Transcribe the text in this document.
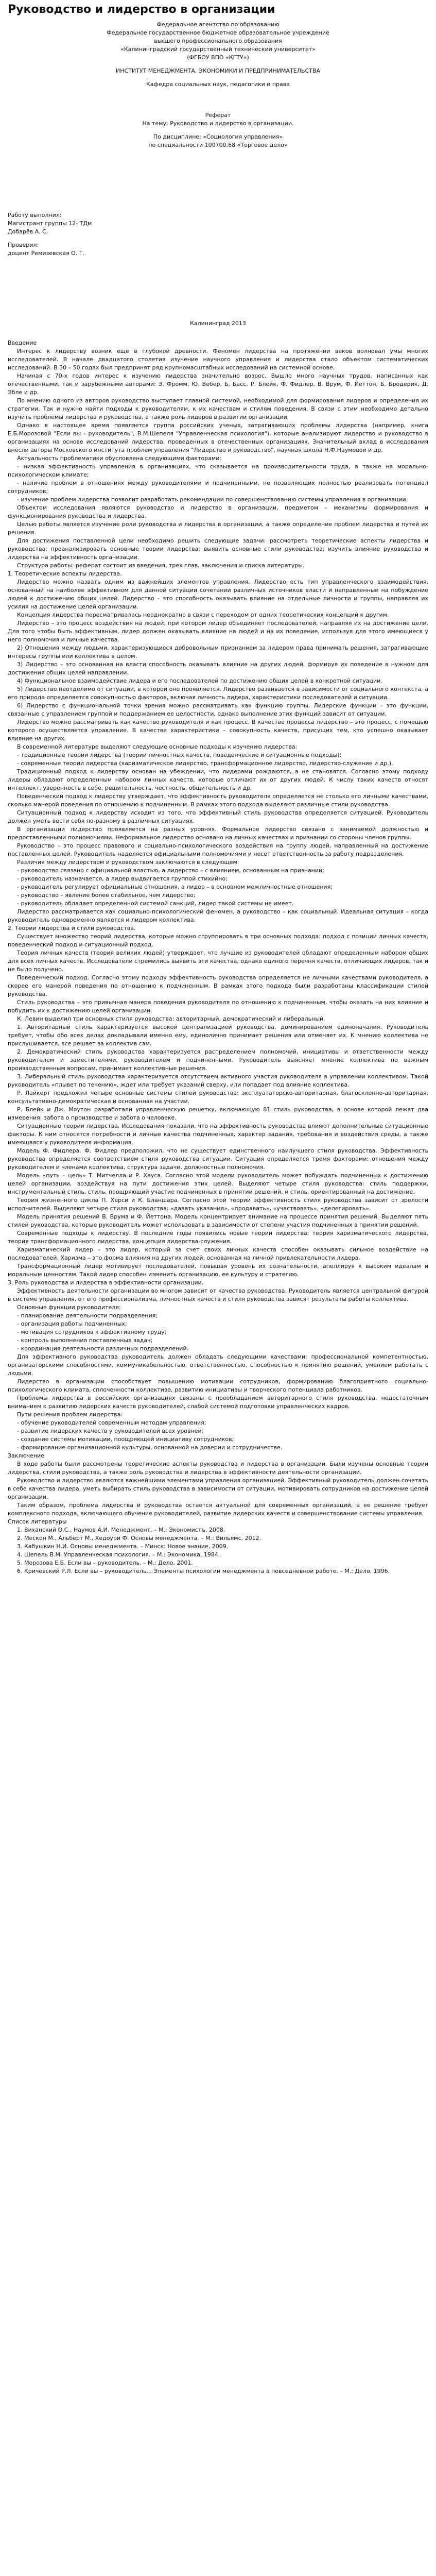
Руководство и лидерство в организации
Федеральное агентство по образованию
Федеральное государственное бюджетное образовательное учреждение
высшего профессионального образования
«Калининградский государственный технический университет»
(ФГБОУ ВПО «КГТУ»)
ИНСТИТУТ МЕНЕДЖМЕНТА, ЭКОНОМИКИ И ПРЕДПРИНИМАТЕЛЬСТВА
Кафедра социальных наук, педагогики и права
Реферат
На тему: Руководство и лидерство в организации.
По дисциплине: «Социология управления»
по специальности 100700.68 «Торговое дело»
Работу выполнил:
Магистрант группы 12- ТДм
Добарёв А. С.
Проверил:
доцент Ремизевская О. Г.
Калининград 2013

Введение

Интерес к лидерству возник еще в глубокой древности. Феномен лидерства на протяжении веков волновал умы многих исследователей. В начале двадцатого столетия изучение научного управления и лидерства стало объектом систематических исследований. В 30 – 50 годах был предпринят ряд крупномасштабных исследований на системной основе.

Начиная с 70-х годов интерес к изучению лидерства значительно возрос. Вышло много научных трудов, написанных как отечественными, так и зарубежными авторами: Э. Фромм, Ю. Вебер, Б. Басс, Р. Блейк, Ф. Фидлер, В. Врум, Ф. Йеттон, Б. Бродерик, Д. Эбле и др.

По мнению одного из авторов руководство выступает главной системой, необходимой для формирования лидеров и определения их стратегии. Так и нужно найти подходы к руководителям, к их качествам и стилям поведения. В связи с этим необходимо детально изучить проблемы лидерства и руководства, а также роль лидеров в развитии организации.

Однако в настоящее время появляется группа российских ученых, затрагивающих проблемы лидерства (например, книга Е.Б.Морозовой "Если вы - руководитель", В.М.Шепеля "Управленческая психология"), которые анализируют лидерство и руководство в организациях на основе исследований лидерства, проведенных в отечественных организациях. Значительный вклад в исследования внесли авторы Московского института проблем управления "Лидерство и руководство", научная школа Н.Ф.Наумовой и др.

Актуальность проблематики обусловлена следующими факторами:

- низкая эффективность управления в организациях, что сказывается на производительности труда, а также на морально-психологическом климате;

- наличие проблем в отношениях между руководителями и подчиненными, не позволяющих полностью реализовать потенциал сотрудников;

- изучение проблем лидерства позволит разработать рекомендации по совершенствованию системы управления в организации.

Объектом исследования являются руководство и лидерство в организации, предметом – механизмы формирования и функционирования руководства и лидерства.

Целью работы является изучение роли руководства и лидерства в организации, а также определение проблем лидерства и путей их решения.

Для достижения поставленной цели необходимо решить следующие задачи: рассмотреть теоретические аспекты лидерства и руководства; проанализировать основные теории лидерства; выявить основные стили руководства; изучить влияние руководства и лидерства на эффективность организации.

Структура работы: реферат состоит из введения, трех глав, заключения и списка литературы.

1. Теоретические аспекты лидерства.

Лидерство можно назвать одним из важнейших элементов управления. Лидерство есть тип управленческого взаимодействия, основанный на наиболее эффективном для данной ситуации сочетании различных источников власти и направленный на побуждение людей к достижению общих целей. Лидерство – это способность оказывать влияние на отдельные личности и группы, направляя их усилия на достижение целей организации.

Концепция лидерства пересматривалась неоднократно в связи с переходом от одних теоретических концепций к другим.

Лидерство – это процесс воздействия на людей, при котором лидер объединяет последователей, направляя их на достижение цели. Для того чтобы быть эффективным, лидер должен оказывать влияние на людей и на их поведение, используя для этого имеющиеся у него полномочия и личные качества.

2) Отношения между людьми, характеризующиеся добровольным признанием за лидером права принимать решения, затрагивающие интересы группы или коллектива в целом.

3) Лидерство – это основанная на власти способность оказывать влияние на других людей, формируя их поведение в нужном для достижения общих целей направлении.

4) Функциональное взаимодействие лидера и его последователей по достижению общих целей в конкретной ситуации.

5) Лидерство неотделимо от ситуации, в которой оно проявляется. Лидерство развивается в зависимости от социального контекста, а его природа определяется совокупностью факторов, включая личность лидера, характеристики последователей и ситуации.

6) Лидерство с функциональной точки зрения можно рассматривать как функцию группы. Лидерские функции – это функции, связанные с управлением группой и поддержанием ее целостности, однако выполнение этих функций зависит от ситуации.

Лидерство можно рассматривать как качество руководителя и как процесс. В качестве процесса лидерство – это процесс, с помощью которого осуществляется управление. В качестве характеристики – совокупность качеств, присущих тем, кто успешно оказывает влияние на других.

В современной литературе выделяют следующие основные подходы к изучению лидерства:

- традиционные теории лидерства (теории личностных качеств, поведенческие и ситуационные подходы);

- современные теории лидерства (харизматическое лидерство, трансформационное лидерство, лидерство-служение и др.).

Традиционный подход к лидерству основан на убеждении, что лидерами рождаются, а не становятся. Согласно этому подходу лидеры обладают определенным набором личных качеств, которые отличают их от других людей. К числу таких качеств относят интеллект, уверенность в себе, решительность, честность, общительность и др.

Поведенческий подход к лидерству утверждает, что эффективность руководителя определяется не столько его личными качествами, сколько манерой поведения по отношению к подчиненным. В рамках этого подхода выделяют различные стили руководства.

Ситуационный подход к лидерству исходит из того, что эффективный стиль руководства определяется ситуацией. Руководитель должен уметь вести себя по-разному в различных ситуациях.

В организации лидерство проявляется на разных уровнях. Формальное лидерство связано с занимаемой должностью и предоставленными полномочиями. Неформальное лидерство основано на личных качествах и признании со стороны членов группы.

Руководство – это процесс правового и социально-психологического воздействия на группу людей, направленный на достижение поставленных целей. Руководитель наделяется официальными полномочиями и несет ответственность за работу подразделения.

Различия между лидерством и руководством заключаются в следующем:

- руководство связано с официальной властью, а лидерство – с влиянием, основанным на признании;

- руководитель назначается, а лидер выдвигается группой стихийно;

- руководитель регулирует официальные отношения, а лидер – в основном межличностные отношения;

- руководство – явление более стабильное, чем лидерство;

- руководитель обладает определенной системой санкций, лидер такой системы не имеет.

Лидерство рассматривается как социально-психологический феномен, а руководство – как социальный. Идеальная ситуация – когда руководитель одновременно является и лидером коллектива.

2. Теории лидерства и стили руководства.

Существует множество теорий лидерства, которые можно сгруппировать в три основных подхода: подход с позиции личных качеств, поведенческий подход и ситуационный подход.

Теория личных качеств (теория великих людей) утверждает, что лучшие из руководителей обладают определенным набором общих для всех личных качеств. Исследователи стремились выявить эти качества, однако единого перечня качеств, отличающих лидеров, так и не было получено.

Поведенческий подход. Согласно этому подходу эффективность руководства определяется не личными качествами руководителя, а скорее его манерой поведения по отношению к подчиненным. В рамках этого подхода были разработаны классификации стилей руководства.

Стиль руководства – это привычная манера поведения руководителя по отношению к подчиненным, чтобы оказать на них влияние и побудить их к достижению целей организации.

К. Левин выделил три основных стиля руководства: авторитарный, демократический и либеральный.

1. Авторитарный стиль характеризуется высокой централизацией руководства, доминированием единоначалия. Руководитель требует, чтобы обо всех делах докладывали именно ему, единолично принимает решения или отменяет их. К мнению коллектива не прислушивается, все решает за коллектив сам.

2. Демократический стиль руководства характеризуется распределением полномочий, инициативы и ответственности между руководителем и заместителями, руководителем и подчиненными. Руководитель выясняет мнение коллектива по важным производственным вопросам, принимает коллективные решения.

3. Либеральный стиль руководства характеризуется отсутствием активного участия руководителя в управлении коллективом. Такой руководитель «плывет по течению», ждет или требует указаний сверху, или попадает под влияние коллектива.

Р. Лайкерт предложил четыре основные системы стилей руководства: эксплуататорско-авторитарная, благосклонно-авторитарная, консультативно-демократическая и основанная на участии.

Р. Блейк и Дж. Моутон разработали управленческую решетку, включающую 81 стиль руководства, в основе которой лежат два измерения: забота о производстве и забота о человеке.

Ситуационные теории лидерства. Исследования показали, что на эффективность руководства влияют дополнительные ситуационные факторы. К ним относятся потребности и личные качества подчиненных, характер задания, требования и воздействия среды, а также имеющаяся у руководителя информация.

Модель Ф. Фидлера. Ф. Фидлер предположил, что не существует единственного наилучшего стиля руководства. Эффективность руководства определяется соответствием стиля руководства ситуации. Ситуация определяется тремя факторами: отношения между руководителем и членами коллектива, структура задачи, должностные полномочия.

Модель «путь – цель» Т. Митчелла и Р. Хауса. Согласно этой модели руководитель может побуждать подчиненных к достижению целей организации, воздействуя на пути достижения этих целей. Выделяют четыре стиля руководства: стиль поддержки, инструментальный стиль, стиль, поощряющий участие подчиненных в принятии решений, и стиль, ориентированный на достижение.

Теория жизненного цикла П. Херси и К. Бланшара. Согласно этой теории эффективность стиля руководства зависит от зрелости исполнителей. Выделяют четыре стиля руководства: «давать указания», «продавать», «участвовать», «делегировать».

Модель принятия решений В. Врума и Ф. Йеттона. Модель концентрирует внимание на процессе принятия решений. Выделяют пять стилей руководства, которые руководитель может использовать в зависимости от степени участия подчиненных в принятии решений.

Современные подходы к лидерству. В последние годы появились новые теории лидерства: теория харизматического лидерства, теория трансформационного лидерства, концепция лидерства-служения.

Харизматический лидер – это лидер, который за счет своих личных качеств способен оказывать сильное воздействие на последователей. Харизма – это форма влияния на других людей, основанная на личной привлекательности лидера.

Трансформационный лидер мотивирует последователей, повышая уровень их сознательности, апеллируя к высоким идеалам и моральным ценностям. Такой лидер способен изменить организацию, ее культуру и стратегию.

3. Роль руководства и лидерства в эффективности организации.

Эффективность деятельности организации во многом зависит от качества руководства. Руководитель является центральной фигурой в системе управления, от его профессионализма, личностных качеств и стиля руководства зависят результаты работы коллектива.

Основные функции руководителя:

- планирование деятельности подразделения;

- организация работы подчиненных;

- мотивация сотрудников к эффективному труду;

- контроль выполнения поставленных задач;

- координация деятельности различных подразделений.

Для эффективного руководства руководитель должен обладать следующими качествами: профессиональной компетентностью, организаторскими способностями, коммуникабельностью, ответственностью, способностью к принятию решений, умением работать с людьми.

Лидерство в организации способствует повышению мотивации сотрудников, формированию благоприятного социально-психологического климата, сплоченности коллектива, развитию инициативы и творческого потенциала работников.

Проблемы лидерства в российских организациях связаны с преобладанием авторитарного стиля руководства, недостаточным вниманием к развитию лидерских качеств руководителей, слабой системой подготовки управленческих кадров.

Пути решения проблем лидерства:

- обучение руководителей современным методам управления;

- развитие лидерских качеств у руководителей всех уровней;

- создание системы мотивации, поощряющей инициативу сотрудников;

- формирование организационной культуры, основанной на доверии и сотрудничестве.

Заключение

В ходе работы были рассмотрены теоретические аспекты руководства и лидерства в организации. Были изучены основные теории лидерства, стили руководства, а также роль руководства и лидерства в эффективности деятельности организации.

Руководство и лидерство являются важнейшими элементами управления организацией. Эффективный руководитель должен сочетать в себе качества лидера, уметь выбирать стиль руководства в зависимости от ситуации, мотивировать сотрудников на достижение целей организации.

Таким образом, проблема лидерства и руководства остается актуальной для современных организаций, а ее решение требует комплексного подхода, включающего обучение руководителей, развитие лидерских качеств и совершенствование системы управления.

Список литературы

1. Виханский О.С., Наумов А.И. Менеджмент. – М.: Экономистъ, 2008.

2. Мескон М., Альберт М., Хедоури Ф. Основы менеджмента. – М.: Вильямс, 2012.

3. Кабушкин Н.И. Основы менеджмента. – Минск: Новое знание, 2009.

4. Шепель В.М. Управленческая психология. – М.: Экономика, 1984.

5. Морозова Е.Б. Если вы – руководитель. – М.: Дело, 2001.

6. Кричевский Р.Л. Если вы – руководитель... Элементы психологии менеджмента в повседневной работе. – М.: Дело, 1996.
